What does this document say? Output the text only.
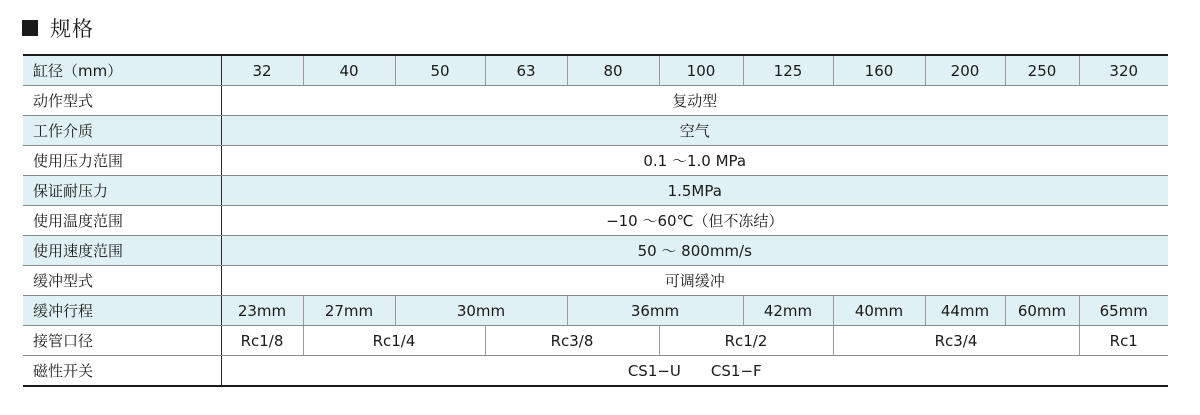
规格
缸径（mm）	32	40	50	63	80	100	125	160	200	250	320
动作型式	复动型										
工作介质	空气										
使用压力范围	0.1 ～1.0 MPa										
保证耐压力	1.5MPa										
使用温度范围	−10 ～60℃（但不冻结）										
使用速度范围	50 ～ 800mm/s										
缓冲型式	可调缓冲										
缓冲行程	23mm	27mm	30mm		36mm		42mm	40mm	44mm	60mm	65mm
接管口径	Rc1/8	Rc1/4		Rc3/8		Rc1/2		Rc3/4			Rc1
磁性开关	CS1−U　　CS1−F										
